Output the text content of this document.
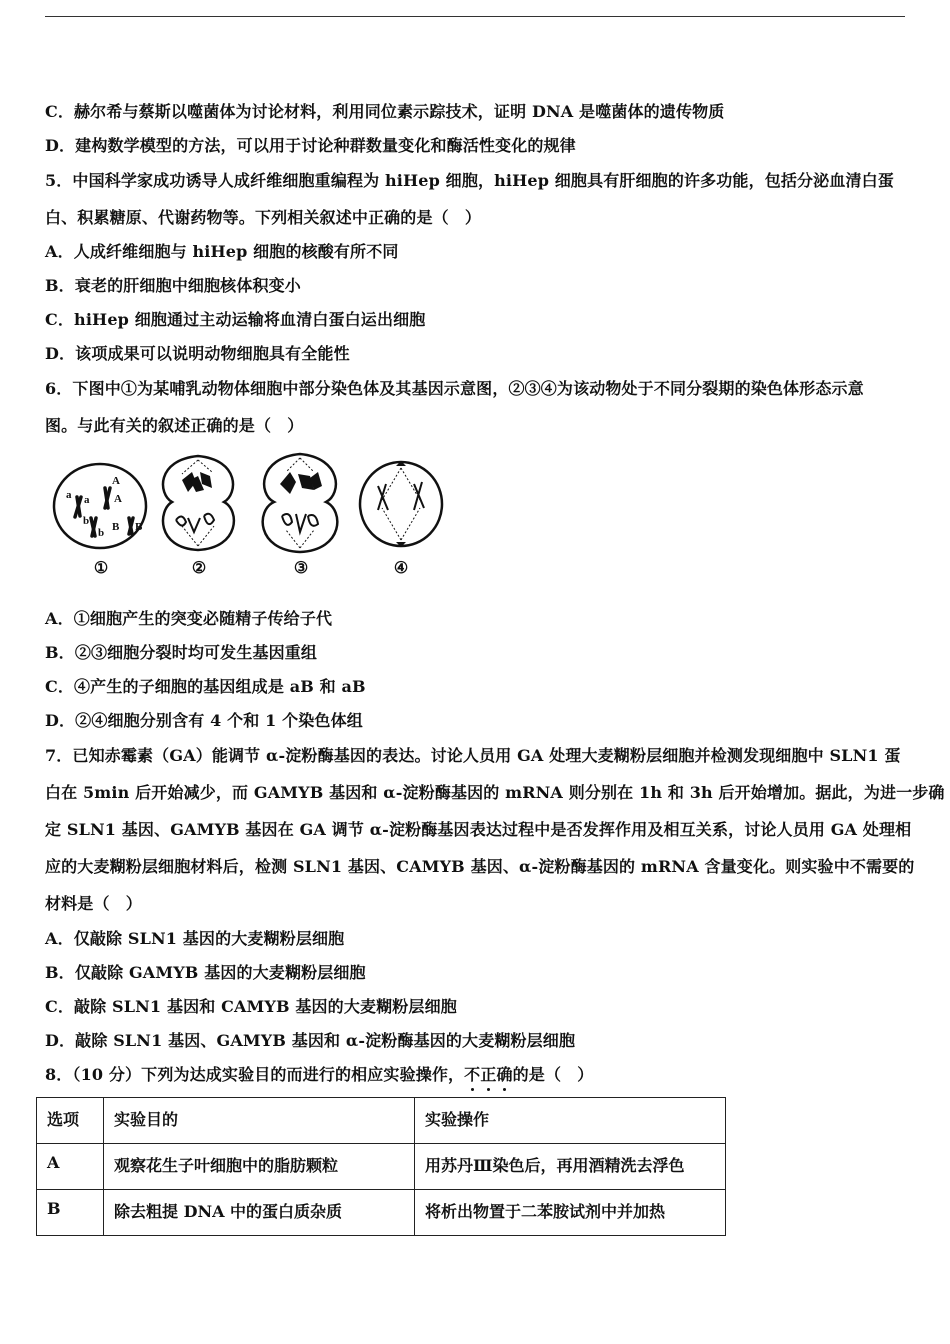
C．赫尔希与蔡斯以噬菌体为讨论材料，利用同位素示踪技术，证明 DNA 是噬菌体的遗传物质
D．建构数学模型的方法，可以用于讨论种群数量变化和酶活性变化的规律
5．中国科学家成功诱导人成纤维细胞重编程为 hiHep 细胞，hiHep 细胞具有肝细胞的许多功能，包括分泌血清白蛋
白、积累糖原、代谢药物等。下列相关叙述中正确的是（　）
A．人成纤维细胞与 hiHep 细胞的核酸有所不同
B．衰老的肝细胞中细胞核体积变小
C．hiHep 细胞通过主动运输将血清白蛋白运出细胞
D．该项成果可以说明动物细胞具有全能性
6．下图中①为某哺乳动物体细胞中部分染色体及其基因示意图，②③④为该动物处于不同分裂期的染色体形态示意
图。与此有关的叙述正确的是（　）
a a
A
A
b
b B B
①	②	③	④
A．①细胞产生的突变必随精子传给子代
B．②③细胞分裂时均可发生基因重组
C．④产生的子细胞的基因组成是 aB 和 aB
D．②④细胞分别含有 4 个和 1 个染色体组
7．已知赤霉素（GA）能调节 α-淀粉酶基因的表达。讨论人员用 GA 处理大麦糊粉层细胞并检测发现细胞中 SLN1 蛋
白在 5min 后开始减少，而 GAMYB 基因和 α-淀粉酶基因的 mRNA 则分别在 1h 和 3h 后开始增加。据此，为进一步确
定 SLN1 基因、GAMYB 基因在 GA 调节 α-淀粉酶基因表达过程中是否发挥作用及相互关系，讨论人员用 GA 处理相
应的大麦糊粉层细胞材料后，检测 SLN1 基因、CAMYB 基因、α-淀粉酶基因的 mRNA 含量变化。则实验中不需要的
材料是（　）
A．仅敲除 SLN1 基因的大麦糊粉层细胞
B．仅敲除 GAMYB 基因的大麦糊粉层细胞
C．敲除 SLN1 基因和 CAMYB 基因的大麦糊粉层细胞
D．敲除 SLN1 基因、GAMYB 基因和 α-淀粉酶基因的大麦糊粉层细胞
8．（10 分）下列为达成实验目的而进行的相应实验操作，不正确的是（　）
选项	实验目的	实验操作
A	观察花生子叶细胞中的脂肪颗粒	用苏丹Ⅲ染色后，再用酒精洗去浮色
B	除去粗提 DNA 中的蛋白质杂质	将析出物置于二苯胺试剂中并加热
